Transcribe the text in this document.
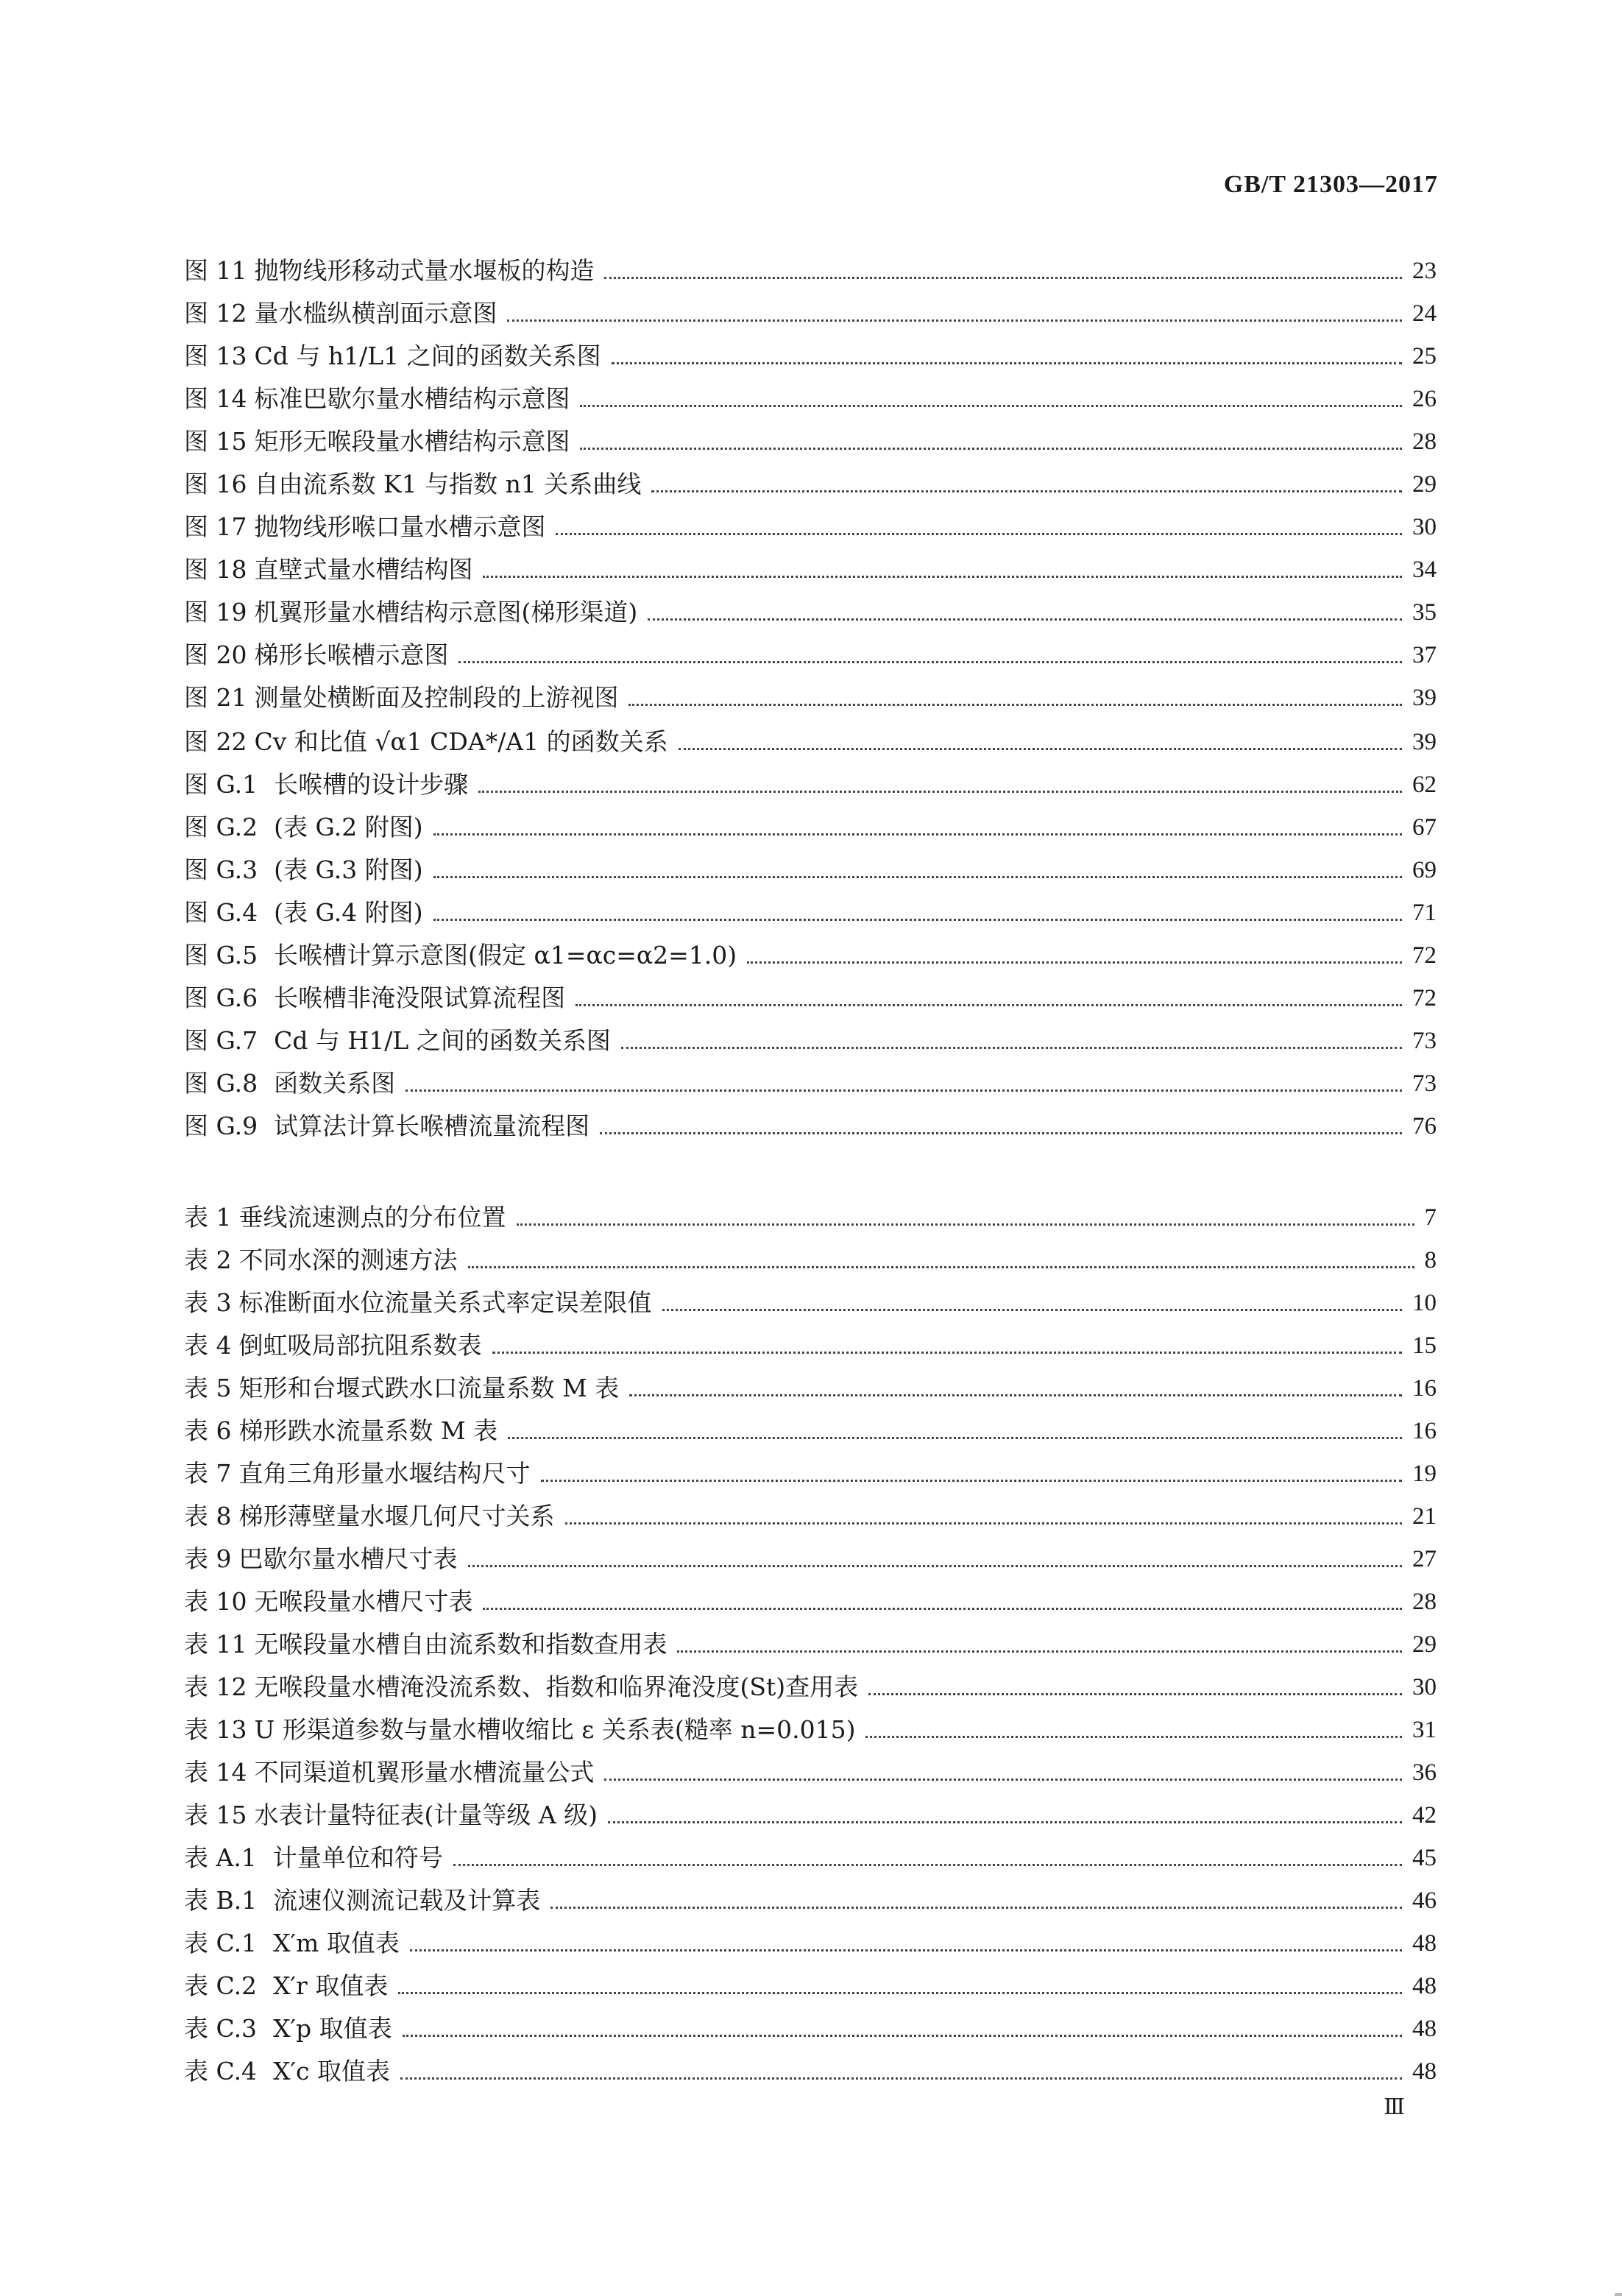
GB/T 21303—2017
图 11 抛物线形移动式量水堰板的构造	23
图 12 量水槛纵横剖面示意图	24
图 13 Cd 与 h1/L1 之间的函数关系图	25
图 14 标准巴歇尔量水槽结构示意图	26
图 15 矩形无喉段量水槽结构示意图	28
图 16 自由流系数 K1 与指数 n1 关系曲线	29
图 17 抛物线形喉口量水槽示意图	30
图 18 直壁式量水槽结构图	34
图 19 机翼形量水槽结构示意图(梯形渠道)	35
图 20 梯形长喉槽示意图	37
图 21 测量处横断面及控制段的上游视图	39
图 22 Cv 和比值 √α1 CDA*/A1 的函数关系	39
图 G.1 长喉槽的设计步骤	62
图 G.2 (表 G.2 附图)	67
图 G.3 (表 G.3 附图)	69
图 G.4 (表 G.4 附图)	71
图 G.5 长喉槽计算示意图(假定 α1=αc=α2=1.0)	72
图 G.6 长喉槽非淹没限试算流程图	72
图 G.7 Cd 与 H1/L 之间的函数关系图	73
图 G.8 函数关系图	73
图 G.9 试算法计算长喉槽流量流程图	76
表 1 垂线流速测点的分布位置	7
表 2 不同水深的测速方法	8
表 3 标准断面水位流量关系式率定误差限值	10
表 4 倒虹吸局部抗阻系数表	15
表 5 矩形和台堰式跌水口流量系数 M 表	16
表 6 梯形跌水流量系数 M 表	16
表 7 直角三角形量水堰结构尺寸	19
表 8 梯形薄壁量水堰几何尺寸关系	21
表 9 巴歇尔量水槽尺寸表	27
表 10 无喉段量水槽尺寸表	28
表 11 无喉段量水槽自由流系数和指数查用表	29
表 12 无喉段量水槽淹没流系数、指数和临界淹没度(St)查用表	30
表 13 U 形渠道参数与量水槽收缩比 ε 关系表(糙率 n=0.015)	31
表 14 不同渠道机翼形量水槽流量公式	36
表 15 水表计量特征表(计量等级 A 级)	42
表 A.1 计量单位和符号	45
表 B.1 流速仪测流记载及计算表	46
表 C.1 X′m 取值表	48
表 C.2 X′r 取值表	48
表 C.3 X′p 取值表	48
表 C.4 X′c 取值表	48
Ⅲ
